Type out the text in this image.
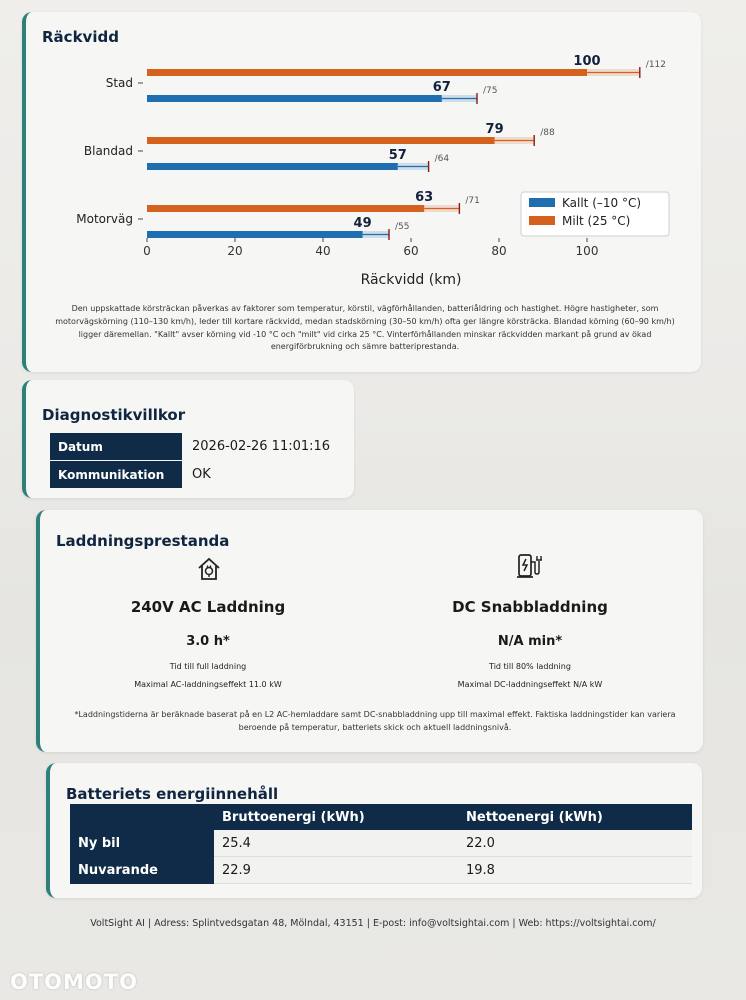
Räckvidd
0	20	40	60	80	100
Räckvidd (km)
Stad
100	/112
67	/75
Blandad
79	/88
57	/64
Motorväg
63	/71
49	/55
Kallt (–10 °C)
Milt (25 °C)
Den uppskattade körsträckan påverkas av faktorer som temperatur, körstil, vägförhållanden, batteriåldring och hastighet. Högre hastigheter, som
motorvägskörning (110–130 km/h), leder till kortare räckvidd, medan stadskörning (30–50 km/h) ofta ger längre körsträcka. Blandad körning (60–90 km/h)
ligger däremellan. "Kallt" avser körning vid -10 °C och "milt" vid cirka 25 °C. Vinterförhållanden minskar räckvidden markant på grund av ökad
energiförbrukning och sämre batteriprestanda.
Diagnostikvillkor
Datum	2026-02-26 11:01:16
Kommunikation	OK
Laddningsprestanda
240V AC Laddning
3.0 h*
Tid till full laddning
Maximal AC-laddningseffekt 11.0 kW
DC Snabbladdning
N/A min*
Tid till 80% laddning
Maximal DC-laddningseffekt N/A kW
*Laddningstiderna är beräknade baserat på en L2 AC-hemladdare samt DC-snabbladdning upp till maximal effekt. Faktiska laddningstider kan variera
beroende på temperatur, batteriets skick och aktuell laddningsnivå.
Batteriets energiinnehåll
	Bruttoenergi (kWh)	Nettoenergi (kWh)
Ny bil	25.4	22.0
Nuvarande	22.9	19.8
VoltSight AI | Adress: Splintvedsgatan 48, Mölndal, 43151 | E-post: info@voltsightai.com | Web: https://voltsightai.com/
OTOMOTO
